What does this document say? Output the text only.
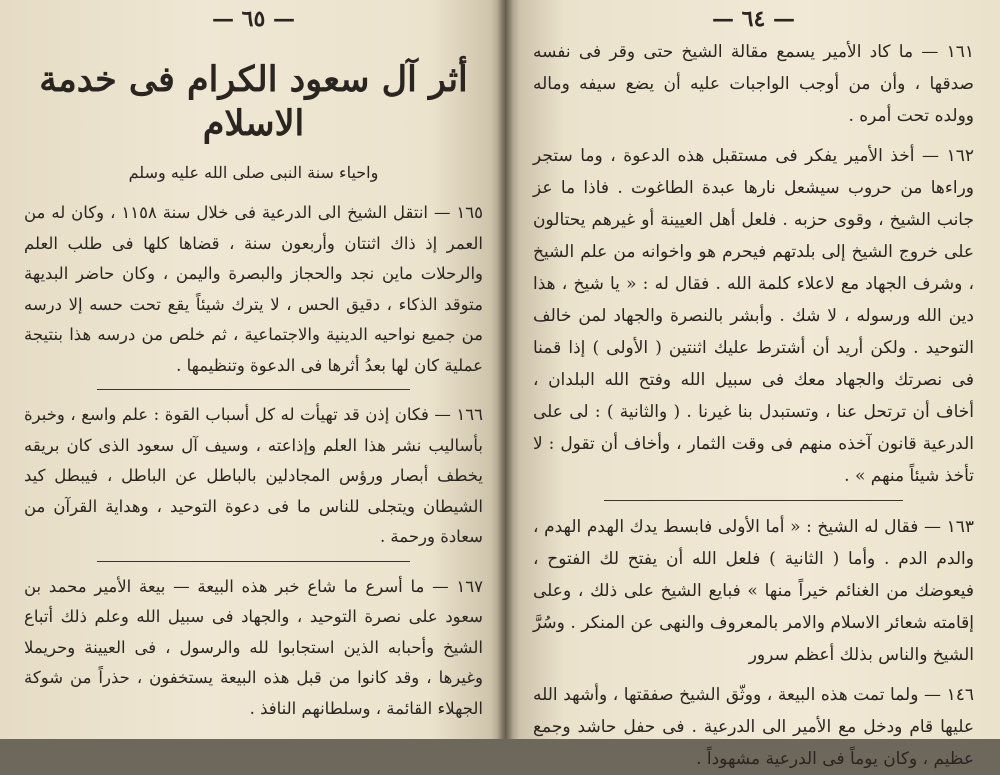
— ٦٥ —
أثر آل سعود الكرام فى خدمة الاسلام
واحياء سنة النبى صلى الله عليه وسلم

١٦٥ — انتقل الشيخ الى الدرعية فى خلال سنة ١١٥٨ ، وكان له من العمر إذ ذاك اثنتان وأربعون سنة ، قضاها كلها فى طلب العلم والرحلات ماين نجد والحجاز والبصرة واليمن ، وكان حاضر البديهة متوقد الذكاء ، دقيق الحس ، لا يترك شيئاً يقع تحت حسه إلا درسه من جميع نواحيه الدينية والاجتماعية ، ثم خلص من درسه هذا بنتيجة عملية كان لها بعدُ أثرها فى الدعوة وتنظيمها .

١٦٦ — فكان إذن قد تهيأت له كل أسباب القوة : علم واسع ، وخبرة بأساليب نشر هذا العلم وإذاعته ، وسيف آل سعود الذى كان بريقه يخطف أبصار ورؤس المجادلين بالباطل عن الباطل ، فيبطل كيد الشيطان ويتجلى للناس ما فى دعوة التوحيد ، وهداية القرآن من سعادة ورحمة .

١٦٧ — ما أسرع ما شاع خبر هذه البيعة — بيعة الأمير محمد بن سعود على نصرة التوحيد ، والجهاد فى سبيل الله وعلم ذلك أتباع الشيخ وأحبابه الذين استجابوا لله والرسول ، فى العيينة وحريملا وغيرها ، وقد كانوا من قبل هذه البيعة يستخفون ، حذراً من شوكة الجهلاء القائمة ، وسلطانهم النافذ .

— ٦٤ —

١٦١ — ما كاد الأمير يسمع مقالة الشيخ حتى وقر فى نفسه صدقها ، وأن من أوجب الواجبات عليه أن يضع سيفه وماله وولده تحت أمره .

١٦٢ — أخذ الأمير يفكر فى مستقبل هذه الدعوة ، وما ستجر وراءها من حروب سيشعل نارها عبدة الطاغوت . فاذا ما عز جانب الشيخ ، وقوى حزبه . فلعل أهل العيينة أو غيرهم يحتالون على خروج الشيخ إلى بلدتهم فيحرم هو واخوانه من علم الشيخ ، وشرف الجهاد مع لاعلاء كلمة الله . فقال له : « يا شيخ ، هذا دين الله ورسوله ، لا شك . وأبشر بالنصرة والجهاد لمن خالف التوحيد . ولكن أريد أن أشترط عليك اثنتين ( الأولى ) إذا قمنا فى نصرتك والجهاد معك فى سبيل الله وفتح الله البلدان ، أخاف أن ترتحل عنا ، وتستبدل بنا غيرنا . ( والثانية ) : لى على الدرعية قانون آخذه منهم فى وقت الثمار ، وأخاف أن تقول : لا تأخذ شيئاً منهم » .

١٦٣ — فقال له الشيخ : « أما الأولى فابسط يدك الهدم الهدم ، والدم الدم . وأما ( الثانية ) فلعل الله أن يفتح لك الفتوح ، فيعوضك من الغنائم خيراً منها » فبايع الشيخ على ذلك ، وعلى إقامته شعائر الاسلام والامر بالمعروف والنهى عن المنكر . وسُرَّ الشيخ والناس بذلك أعظم سرور

١٤٦ — ولما تمت هذه البيعة ، ووثّق الشيخ صفقتها ، وأشهد الله عليها قام ودخل مع الأمير الى الدرعية . فى حفل حاشد وجمع عظيم ، وكان يوماً فى الدرعية مشهوداً .
